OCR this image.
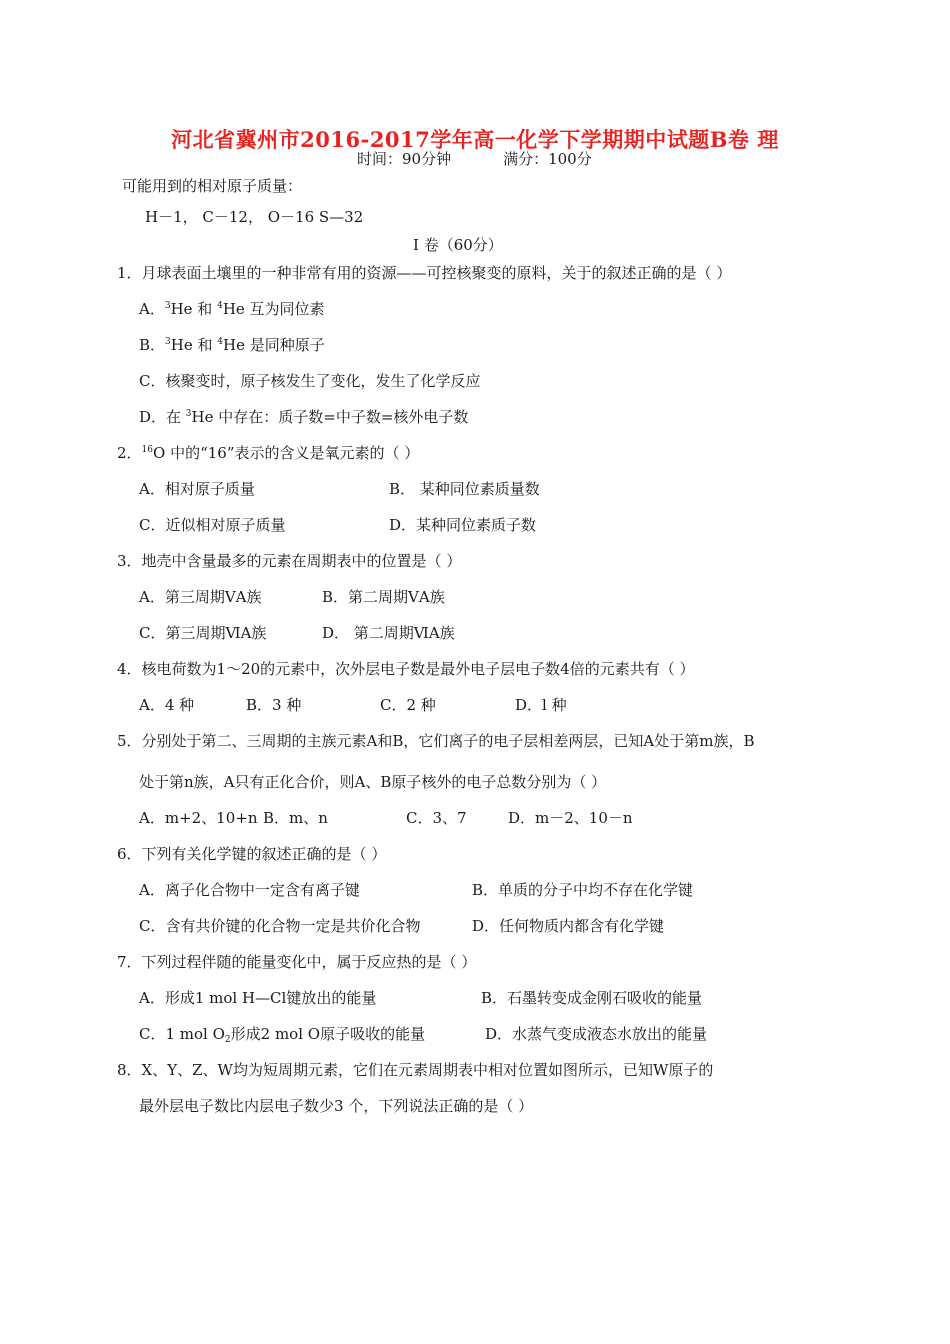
河北省冀州市2016-2017学年高一化学下学期期中试题B卷 理
时间：90分钟	满分：100分
可能用到的相对原子质量：
H－1， C－12， O－16 S—32
Ⅰ 卷（60分）
1．月球表面土壤里的一种非常有用的资源——可控核聚变的原料，关于的叙述正确的是（ ）
A．$^3$He 和 $^4$He 互为同位素
B．$^3$He 和 $^4$He 是同种原子
C．核聚变时，原子核发生了变化，发生了化学反应
D．在 $^3$He 中存在：质子数=中子数=核外电子数
2．$^{16}$O 中的“16”表示的含义是氧元素的（ ）
A．相对原子质量	B． 某种同位素质量数
C．近似相对原子质量	D．某种同位素质子数
3．地壳中含量最多的元素在周期表中的位置是（ ）
A．第三周期ⅤA族	B．第二周期ⅤA族
C．第三周期ⅥA族	D． 第二周期ⅥA族
4．核电荷数为1～20的元素中，次外层电子数是最外电子层电子数4倍的元素共有（ ）
A．4 种	B．3 种	C．2 种	D．l 种
5．分别处于第二、三周期的主族元素A和B，它们离子的电子层相差两层，已知A处于第m族，B
处于第n族，A只有正化合价，则A、B原子核外的电子总数分别为（ ）
A．m+2、10+n B．m、n	C．3、7	D．m－2、10－n
6．下列有关化学键的叙述正确的是（ ）
A．离子化合物中一定含有离子键	B．单质的分子中均不存在化学键
C．含有共价键的化合物一定是共价化合物	D．任何物质内都含有化学键
7．下列过程伴随的能量变化中，属于反应热的是（ ）
A．形成1 mol H—Cl键放出的能量	B．石墨转变成金刚石吸收的能量
C．1 mol $O_2$形成2 mol O原子吸收的能量	D．水蒸气变成液态水放出的能量
8．X、Y、Z、W均为短周期元素，它们在元素周期表中相对位置如图所示，已知W原子的
最外层电子数比内层电子数少3 个，下列说法正确的是（ ）
